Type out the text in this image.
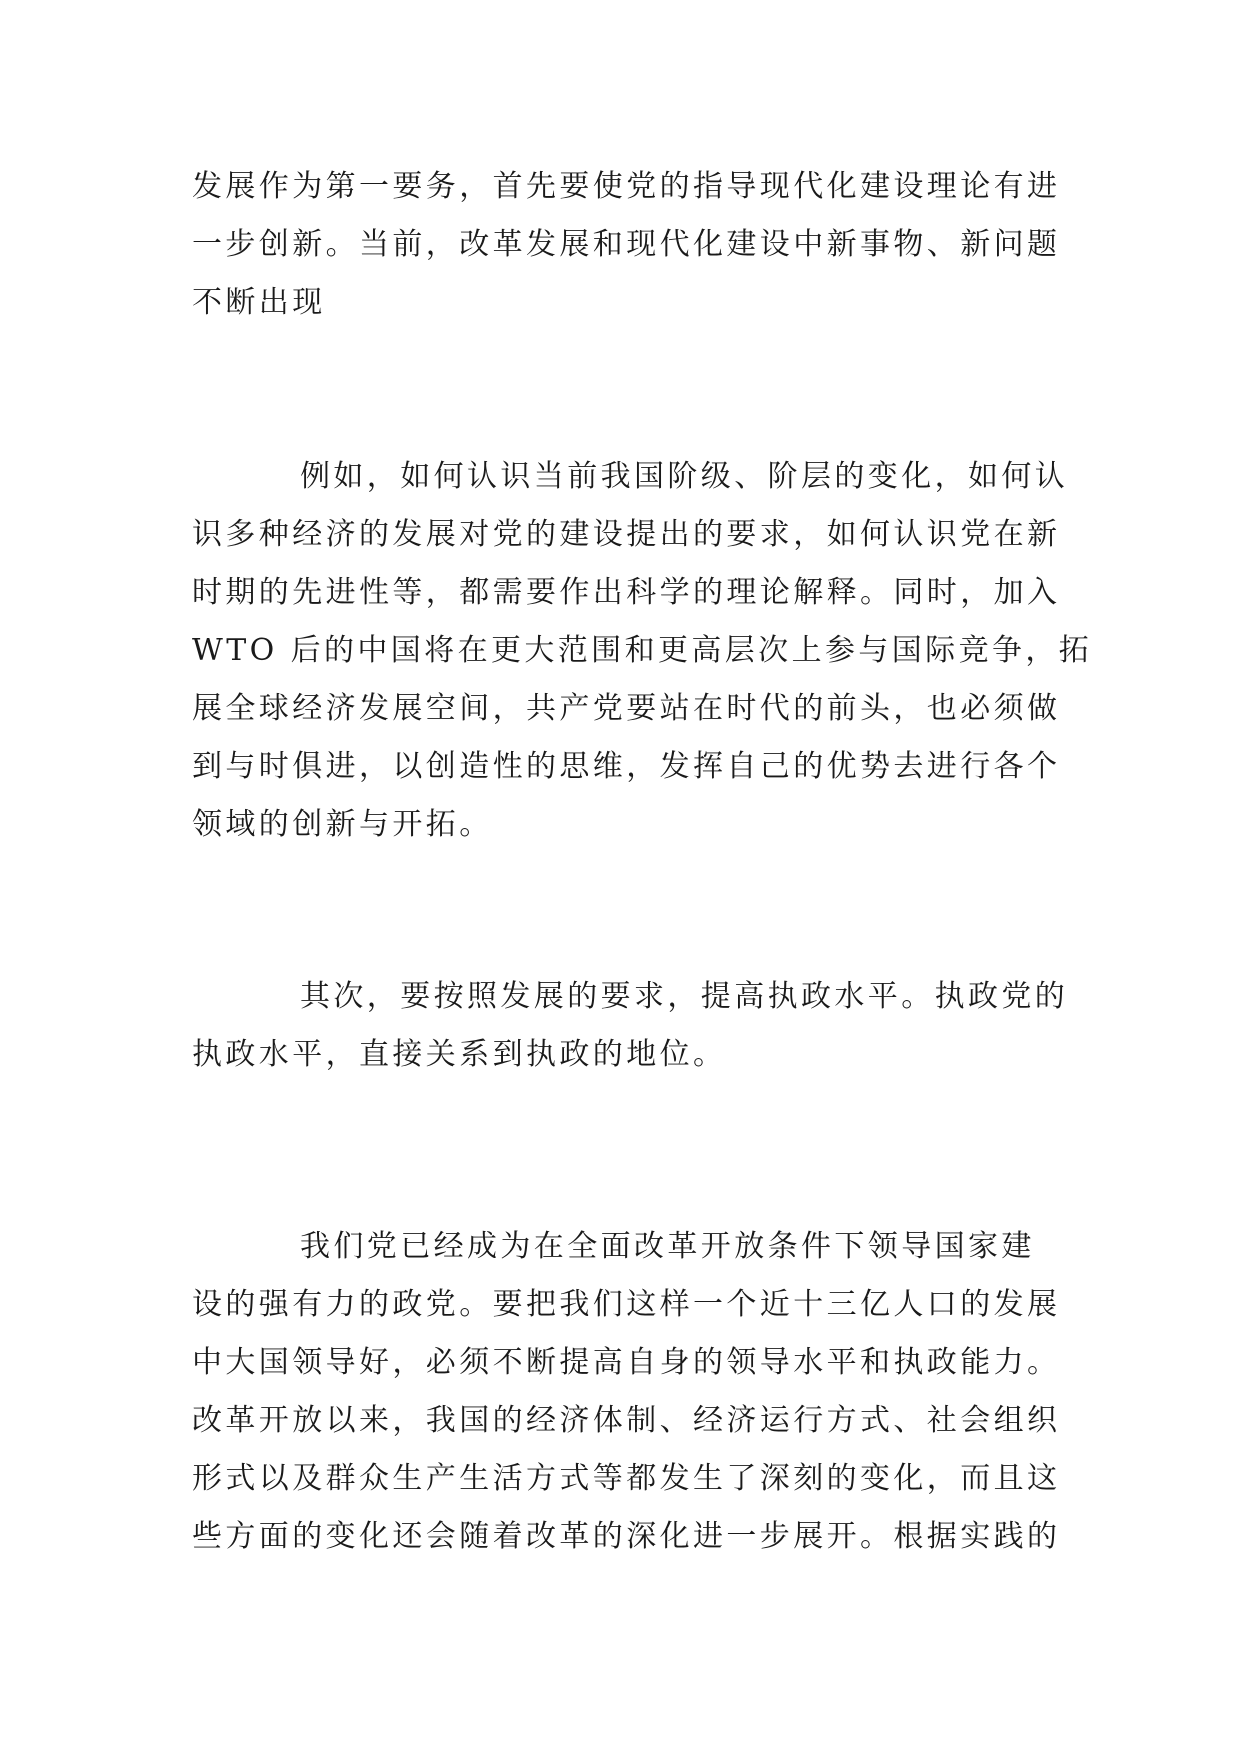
发展作为第一要务，首先要使党的指导现代化建设理论有进
一步创新。当前，改革发展和现代化建设中新事物、新问题
不断出现
例如，如何认识当前我国阶级、阶层的变化，如何认
识多种经济的发展对党的建设提出的要求，如何认识党在新
时期的先进性等，都需要作出科学的理论解释。同时，加入
WTO 后的中国将在更大范围和更高层次上参与国际竞争，拓
展全球经济发展空间，共产党要站在时代的前头，也必须做
到与时俱进，以创造性的思维，发挥自己的优势去进行各个
领域的创新与开拓。
其次，要按照发展的要求，提高执政水平。执政党的
执政水平，直接关系到执政的地位。
我们党已经成为在全面改革开放条件下领导国家建
设的强有力的政党。要把我们这样一个近十三亿人口的发展
中大国领导好，必须不断提高自身的领导水平和执政能力。
改革开放以来，我国的经济体制、经济运行方式、社会组织
形式以及群众生产生活方式等都发生了深刻的变化，而且这
些方面的变化还会随着改革的深化进一步展开。根据实践的
